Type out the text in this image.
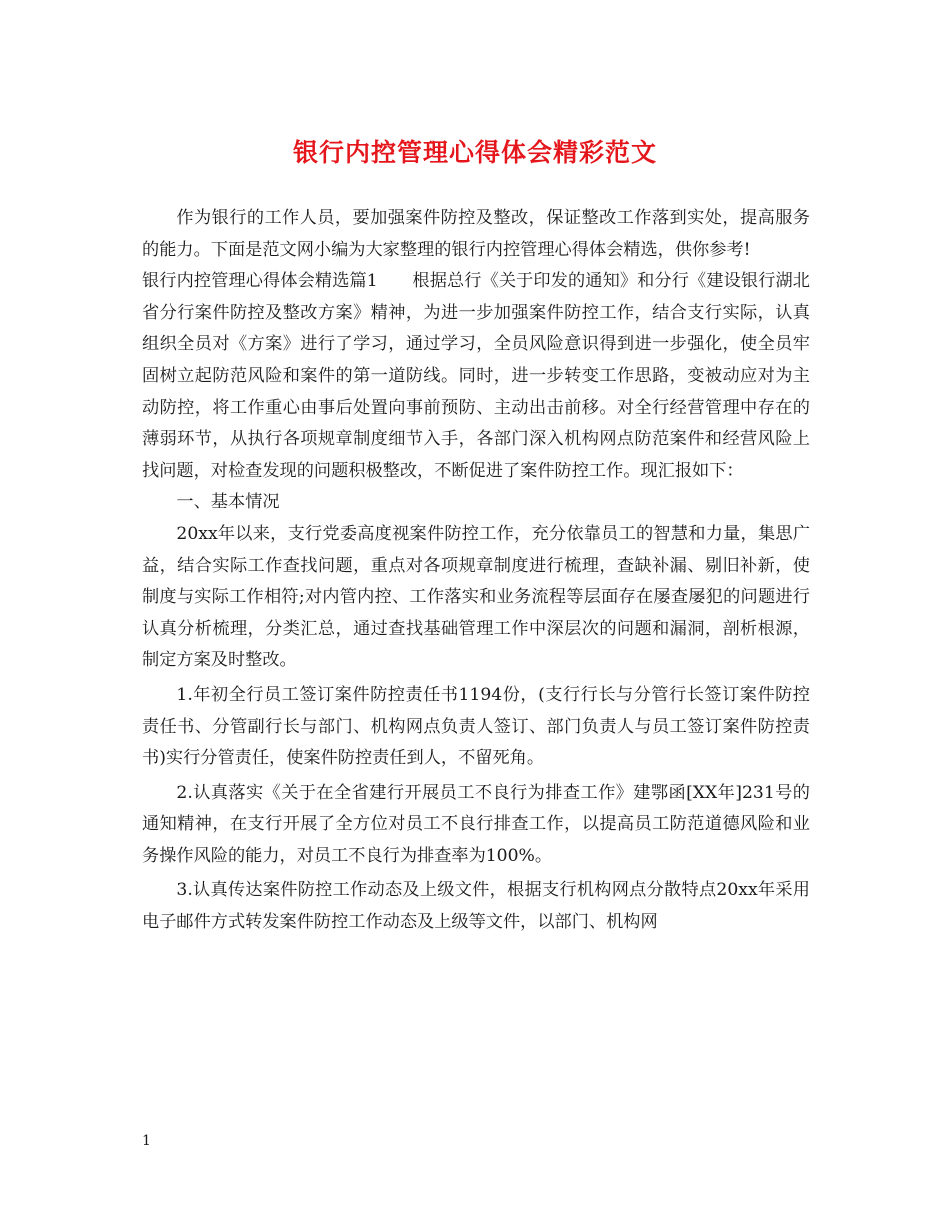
银行内控管理心得体会精彩范文

作为银行的工作人员，要加强案件防控及整改，保证整改工作落到实处，提高服务的能力。下面是范文网小编为大家整理的银行内控管理心得体会精选，供你参考!

银行内控管理心得体会精选篇1　　根据总行《关于印发的通知》和分行《建设银行湖北省分行案件防控及整改方案》精神，为进一步加强案件防控工作，结合支行实际，认真组织全员对《方案》进行了学习，通过学习，全员风险意识得到进一步强化，使全员牢固树立起防范风险和案件的第一道防线。同时，进一步转变工作思路，变被动应对为主动防控，将工作重心由事后处置向事前预防、主动出击前移。对全行经营管理中存在的薄弱环节，从执行各项规章制度细节入手，各部门深入机构网点防范案件和经营风险上找问题，对检查发现的问题积极整改，不断促进了案件防控工作。现汇报如下：

一、基本情况

20xx年以来，支行党委高度视案件防控工作，充分依靠员工的智慧和力量，集思广益，结合实际工作查找问题，重点对各项规章制度进行梳理，查缺补漏、剔旧补新，使制度与实际工作相符;对内管内控、工作落实和业务流程等层面存在屡查屡犯的问题进行认真分析梳理，分类汇总，通过查找基础管理工作中深层次的问题和漏洞，剖析根源，制定方案及时整改。

1.年初全行员工签订案件防控责任书1194份，(支行行长与分管行长签订案件防控责任书、分管副行长与部门、机构网点负责人签订、部门负责人与员工签订案件防控责书)实行分管责任，使案件防控责任到人，不留死角。

2.认真落实《关于在全省建行开展员工不良行为排查工作》建鄂函[XX年]231号的通知精神，在支行开展了全方位对员工不良行排查工作，以提高员工防范道德风险和业务操作风险的能力，对员工不良行为排查率为100%。

3.认真传达案件防控工作动态及上级文件，根据支行机构网点分散特点20xx年采用电子邮件方式转发案件防控工作动态及上级等文件，以部门、机构网

1
